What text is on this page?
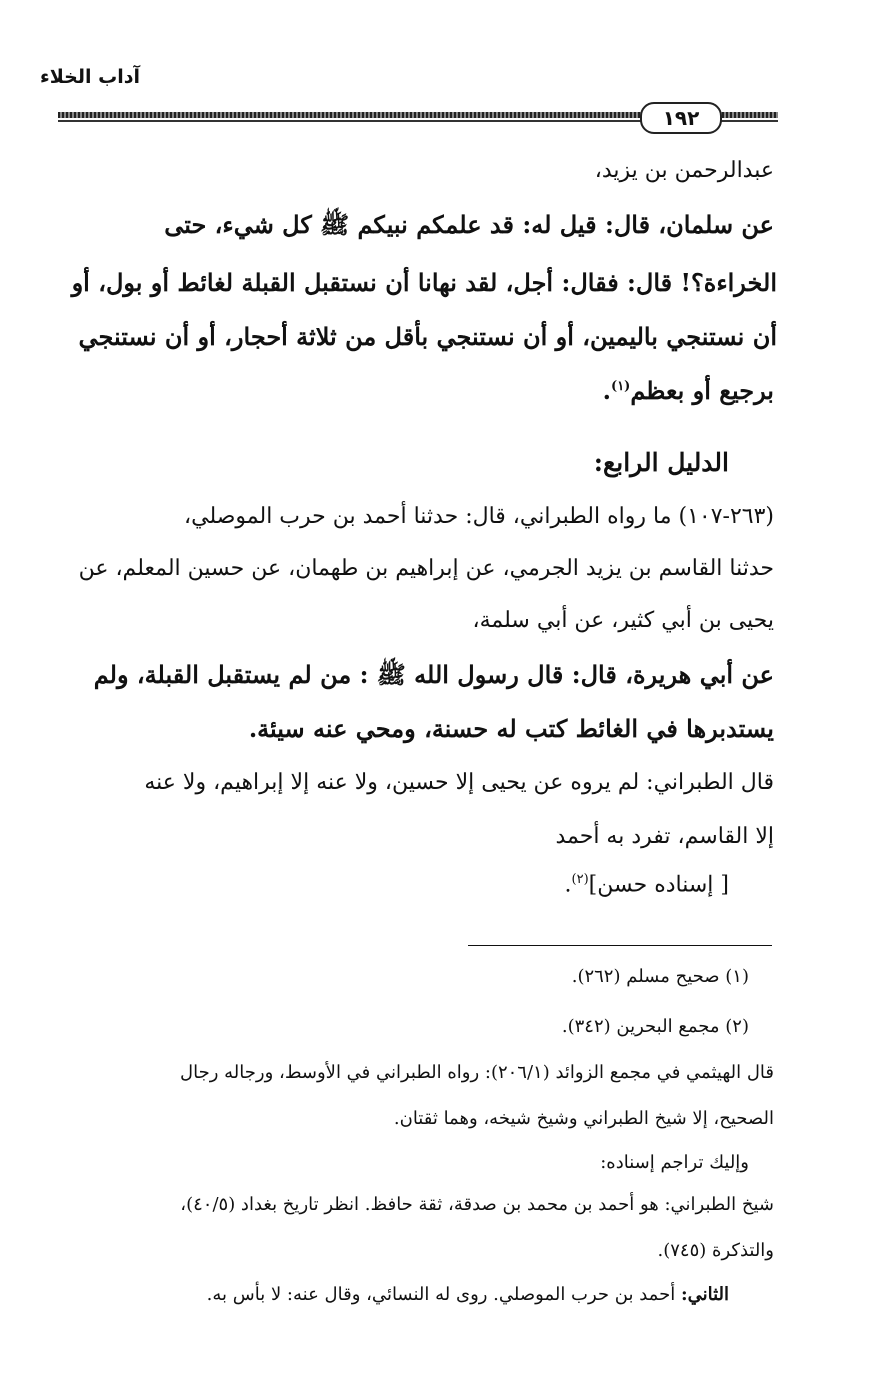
آداب الخلاء
١٩٢
عبدالرحمن بن يزيد،
عن سلمان، قال: قيل له: قد علمكم نبيكم ﷺ كل شيء، حتى
الخراءة؟! قال: فقال: أجل، لقد نهانا أن نستقبل القبلة لغائط أو بول، أو
أن نستنجي باليمين، أو أن نستنجي بأقل من ثلاثة أحجار، أو أن نستنجي
برجيع أو بعظم$^{(١)}$.
الدليل الرابع:
(٢٦٣-١٠٧) ما رواه الطبراني، قال: حدثنا أحمد بن حرب الموصلي،
حدثنا القاسم بن يزيد الجرمي، عن إبراهيم بن طهمان، عن حسين المعلم، عن
يحيى بن أبي كثير، عن أبي سلمة،
عن أبي هريرة، قال: قال رسول الله ﷺ : من لم يستقبل القبلة، ولم
يستدبرها في الغائط كتب له حسنة، ومحي عنه سيئة.
قال الطبراني: لم يروه عن يحيى إلا حسين، ولا عنه إلا إبراهيم، ولا عنه
إلا القاسم، تفرد به أحمد
[ إسناده حسن]$^{(٢)}$.
(١) صحيح مسلم (٢٦٢).
(٢) مجمع البحرين (٣٤٢).
قال الهيثمي في مجمع الزوائد (٢٠٦/١): رواه الطبراني في الأوسط، ورجاله رجال
الصحيح، إلا شيخ الطبراني وشيخ شيخه، وهما ثقتان.
وإليك تراجم إسناده:
شيخ الطبراني: هو أحمد بن محمد بن صدقة، ثقة حافظ. انظر تاريخ بغداد (٤٠/٥)،
والتذكرة (٧٤٥).
الثاني: أحمد بن حرب الموصلي. روى له النسائي، وقال عنه: لا بأس به.
